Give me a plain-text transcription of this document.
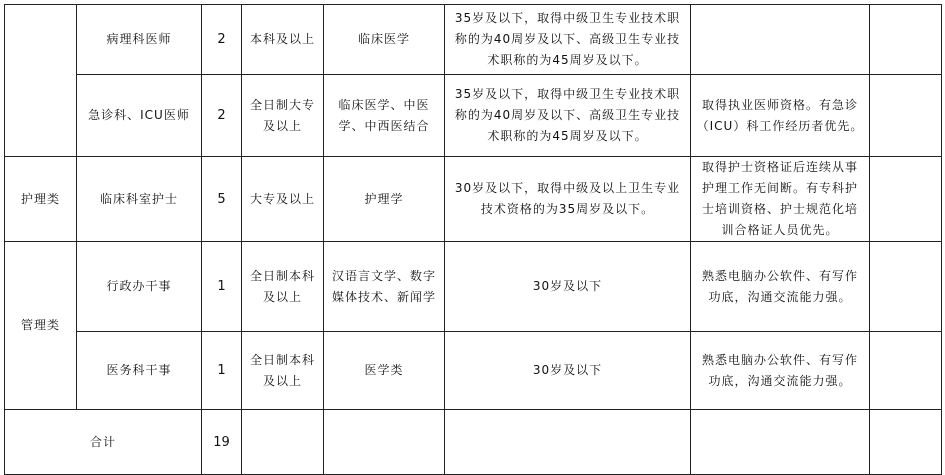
	病理科医师	2	本科及以上	临床医学	35岁及以下，取得中级卫生专业技术职称的为40周岁及以下、高级卫生专业技术职称的为45周岁及以下。		
	急诊科、ICU医师	2	全日制大专及以上	临床医学、中医学、中西医结合	35岁及以下，取得中级卫生专业技术职称的为40周岁及以下、高级卫生专业技术职称的为45周岁及以下。	取得执业医师资格。有急诊（ICU）科工作经历者优先。	
护理类	临床科室护士	5	大专及以上	护理学	30岁及以下，取得中级及以上卫生专业技术资格的为35周岁及以下。	取得护士资格证后连续从事护理工作无间断。有专科护士培训资格、护士规范化培训合格证人员优先。	
管理类	行政办干事	1	全日制本科及以上	汉语言文学、数字媒体技术、新闻学	30岁及以下	熟悉电脑办公软件、有写作功底，沟通交流能力强。	
	医务科干事	1	全日制本科及以上	医学类	30岁及以下	熟悉电脑办公软件、有写作功底，沟通交流能力强。	
合计		19					
